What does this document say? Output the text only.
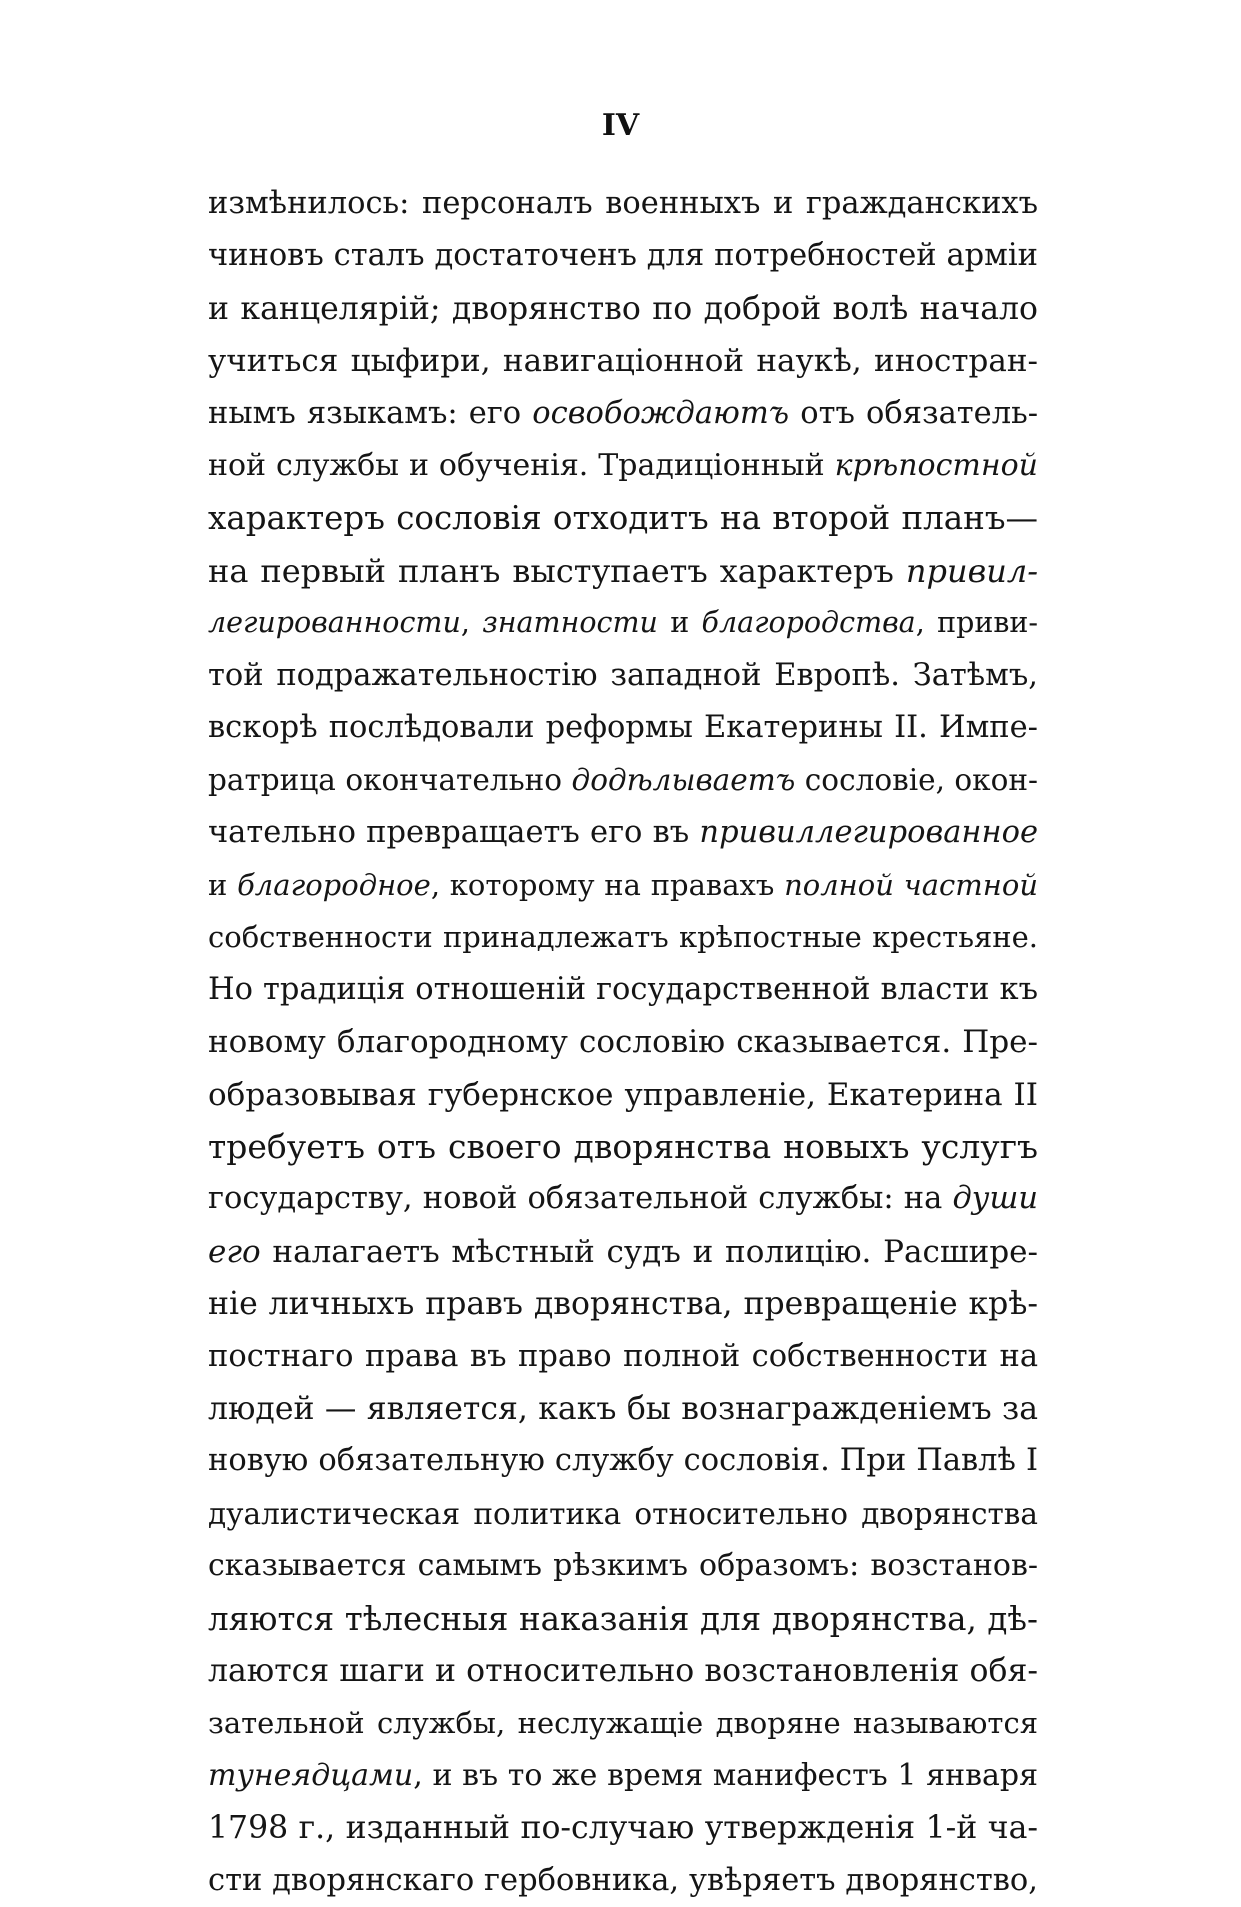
IV
измѣнилось: персоналъ военныхъ и гражданскихъ
чиновъ сталъ достаточенъ для потребностей арміи
и канцелярій; дворянство по доброй волѣ начало
учиться цыфири, навигаціонной наукѣ, иностран-
нымъ языкамъ: его освобождаютъ отъ обязатель-
ной службы и обученія. Традиціонный крѣпостной
характеръ сословія отходитъ на второй планъ—
на первый планъ выступаетъ характеръ привил-
легированности, знатности и благородства, приви-
той подражательностію западной Европѣ. Затѣмъ,
вскорѣ послѣдовали реформы Екатерины II. Импе-
ратрица окончательно додѣлываетъ сословіе, окон-
чательно превращаетъ его въ привиллегированное
и благородное, которому на правахъ полной частной
собственности принадлежатъ крѣпостные крестьяне.
Но традиція отношеній государственной власти къ
новому благородному сословію сказывается. Пре-
образовывая губернское управленіе, Екатерина II
требуетъ отъ своего дворянства новыхъ услугъ
государству, новой обязательной службы: на души
его налагаетъ мѣстный судъ и полицію. Расшире-
ніе личныхъ правъ дворянства, превращеніе крѣ-
постнаго права въ право полной собственности на
людей — является, какъ бы вознагражденіемъ за
новую обязательную службу сословія. При Павлѣ I
дуалистическая политика относительно дворянства
сказывается самымъ рѣзкимъ образомъ: возстанов-
ляются тѣлесныя наказанія для дворянства, дѣ-
лаются шаги и относительно возстановленія обя-
зательной службы, неслужащіе дворяне называются
тунеядцами, и въ то же время манифестъ 1 января
1798 г., изданный по-случаю утвержденія 1-й ча-
сти дворянскаго гербовника, увѣряетъ дворянство,
